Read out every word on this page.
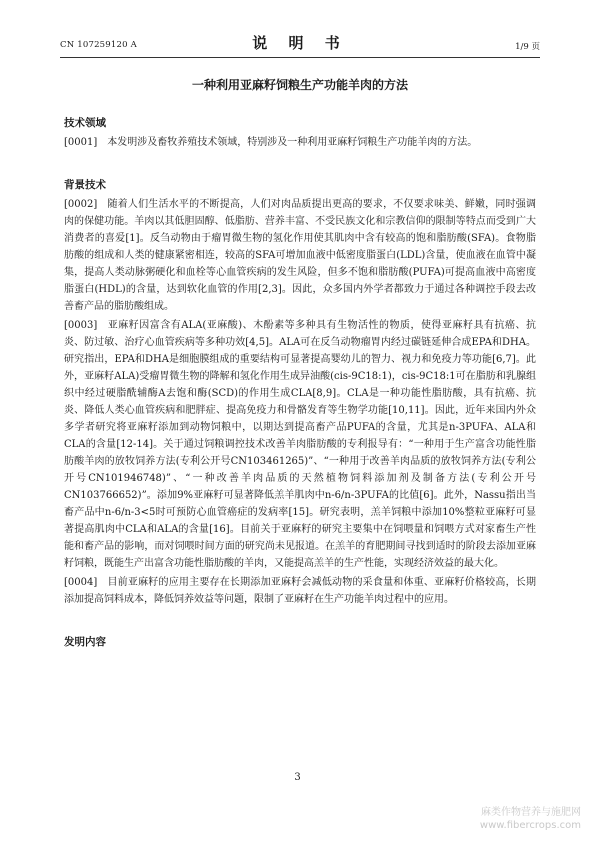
CN 107259120 A	说 明 书	1/9 页
一种利用亚麻籽饲粮生产功能羊肉的方法
技术领域

[0001] 本发明涉及畜牧养殖技术领域，特别涉及一种利用亚麻籽饲粮生产功能羊肉的方法。

背景技术

[0002] 随着人们生活水平的不断提高，人们对肉品质提出更高的要求，不仅要求味美、鲜嫩，同时强调肉的保健功能。羊肉以其低胆固醇、低脂肪、营养丰富、不受民族文化和宗教信仰的限制等特点而受到广大消费者的喜爱[1]。反刍动物由于瘤胃微生物的氢化作用使其肌肉中含有较高的饱和脂肪酸(SFA)。食物脂肪酸的组成和人类的健康紧密相连，较高的SFA可增加血液中低密度脂蛋白(LDL)含量，使血液在血管中凝集，提高人类动脉粥硬化和血栓等心血管疾病的发生风险，但多不饱和脂肪酸(PUFA)可提高血液中高密度脂蛋白(HDL)的含量，达到软化血管的作用[2,3]。因此，众多国内外学者都致力于通过各种调控手段去改善畜产品的脂肪酸组成。

[0003] 亚麻籽因富含有ALA(亚麻酸)、木酚素等多种具有生物活性的物质，使得亚麻籽具有抗癌、抗炎、防过敏、治疗心血管疾病等多种功效[4,5]。ALA可在反刍动物瘤胃内经过碳链延伸合成EPA和DHA。研究指出，EPA和DHA是细胞膜组成的重要结构可显著提高婴幼儿的智力、视力和免疫力等功能[6,7]。此外，亚麻籽ALA)受瘤胃微生物的降解和氢化作用生成异油酸(cis-9C18:1)，cis-9C18:1可在脂肪和乳腺组织中经过硬脂酰辅酶A去饱和酶(SCD)的作用生成CLA[8,9]。CLA是一种功能性脂肪酸，具有抗癌、抗炎、降低人类心血管疾病和肥胖症、提高免疫力和骨骼发育等生物学功能[10,11]。因此，近年来国内外众多学者研究将亚麻籽添加到动物饲粮中，以期达到提高畜产品PUFA的含量，尤其是n-3PUFA、ALA和CLA的含量[12-14]。关于通过饲粮调控技术改善羊肉脂肪酸的专利报导有：“一种用于生产富含功能性脂肪酸羊肉的放牧饲养方法(专利公开号CN103461265)”、“一种用于改善羊肉品质的放牧饲养方法(专利公开号CN101946748)”、“一种改善羊肉品质的天然植物饲料添加剂及制备方法(专利公开号CN103766652)”。添加9%亚麻籽可显著降低羔羊肌肉中n-6/n-3PUFA的比值[6]。此外，Nassu指出当畜产品中n-6/n-3<5时可预防心血管癌症的发病率[15]。研究表明，羔羊饲粮中添加10%整粒亚麻籽可显著提高肌肉中CLA和ALA的含量[16]。目前关于亚麻籽的研究主要集中在饲喂量和饲喂方式对家畜生产性能和畜产品的影响，而对饲喂时间方面的研究尚未见报道。在羔羊的育肥期间寻找到适时的阶段去添加亚麻籽饲粮，既能生产出富含功能性脂肪酸的羊肉，又能提高羔羊的生产性能，实现经济效益的最大化。

[0004] 目前亚麻籽的应用主要存在长期添加亚麻籽会减低动物的采食量和体重、亚麻籽价格较高，长期添加提高饲料成本，降低饲养效益等问题，限制了亚麻籽在生产功能羊肉过程中的应用。

发明内容
3
麻类作物营养与施肥网
www.fibercrops.com
